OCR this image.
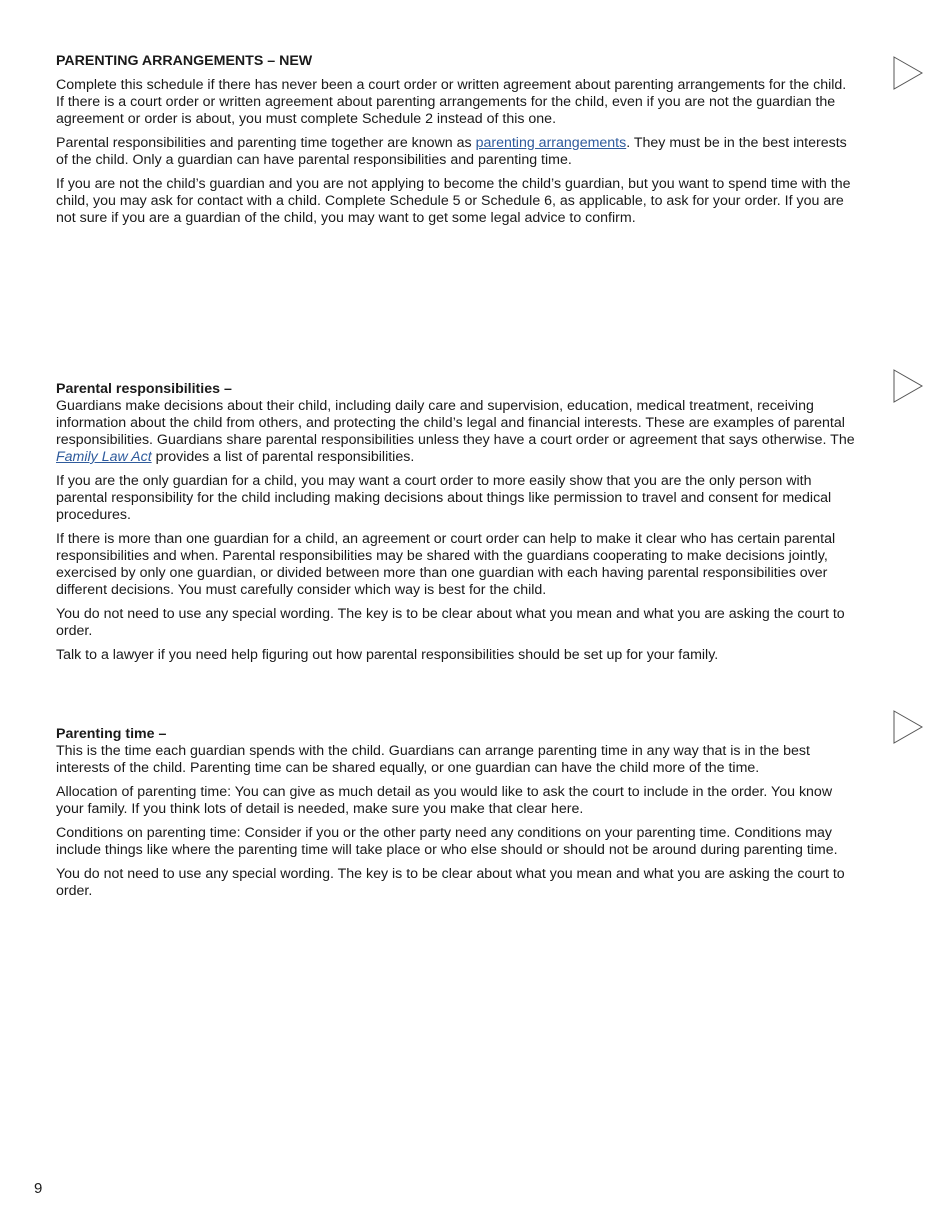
PARENTING ARRANGEMENTS – NEW

Complete this schedule if there has never been a court order or written agreement about parenting arrangements for the child. If there is a court order or written agreement about parenting arrangements for the child, even if you are not the guardian the agreement or order is about, you must complete Schedule 2 instead of this one.

Parental responsibilities and parenting time together are known as parenting arrangements. They must be in the best interests of the child. Only a guardian can have parental responsibilities and parenting time.

If you are not the child’s guardian and you are not applying to become the child’s guardian, but you want to spend time with the child, you may ask for contact with a child. Complete Schedule 5 or Schedule 6, as applicable, to ask for your order. If you are not sure if you are a guardian of the child, you may want to get some legal advice to confirm.

Parental responsibilities –

Guardians make decisions about their child, including daily care and supervision, education, medical treatment, receiving information about the child from others, and protecting the child’s legal and financial interests. These are examples of parental responsibilities. Guardians share parental responsibilities unless they have a court order or agreement that says otherwise. The Family Law Act provides a list of parental responsibilities.

If you are the only guardian for a child, you may want a court order to more easily show that you are the only person with parental responsibility for the child including making decisions about things like permission to travel and consent for medical procedures.

If there is more than one guardian for a child, an agreement or court order can help to make it clear who has certain parental responsibilities and when. Parental responsibilities may be shared with the guardians cooperating to make decisions jointly, exercised by only one guardian, or divided between more than one guardian with each having parental responsibilities over different decisions. You must carefully consider which way is best for the child.

You do not need to use any special wording. The key is to be clear about what you mean and what you are asking the court to order.

Talk to a lawyer if you need help figuring out how parental responsibilities should be set up for your family.

Parenting time –

This is the time each guardian spends with the child. Guardians can arrange parenting time in any way that is in the best interests of the child. Parenting time can be shared equally, or one guardian can have the child more of the time.

Allocation of parenting time: You can give as much detail as you would like to ask the court to include in the order. You know your family. If you think lots of detail is needed, make sure you make that clear here.

Conditions on parenting time: Consider if you or the other party need any conditions on your parenting time. Conditions may include things like where the parenting time will take place or who else should or should not be around during parenting time.

You do not need to use any special wording. The key is to be clear about what you mean and what you are asking the court to order.

9
